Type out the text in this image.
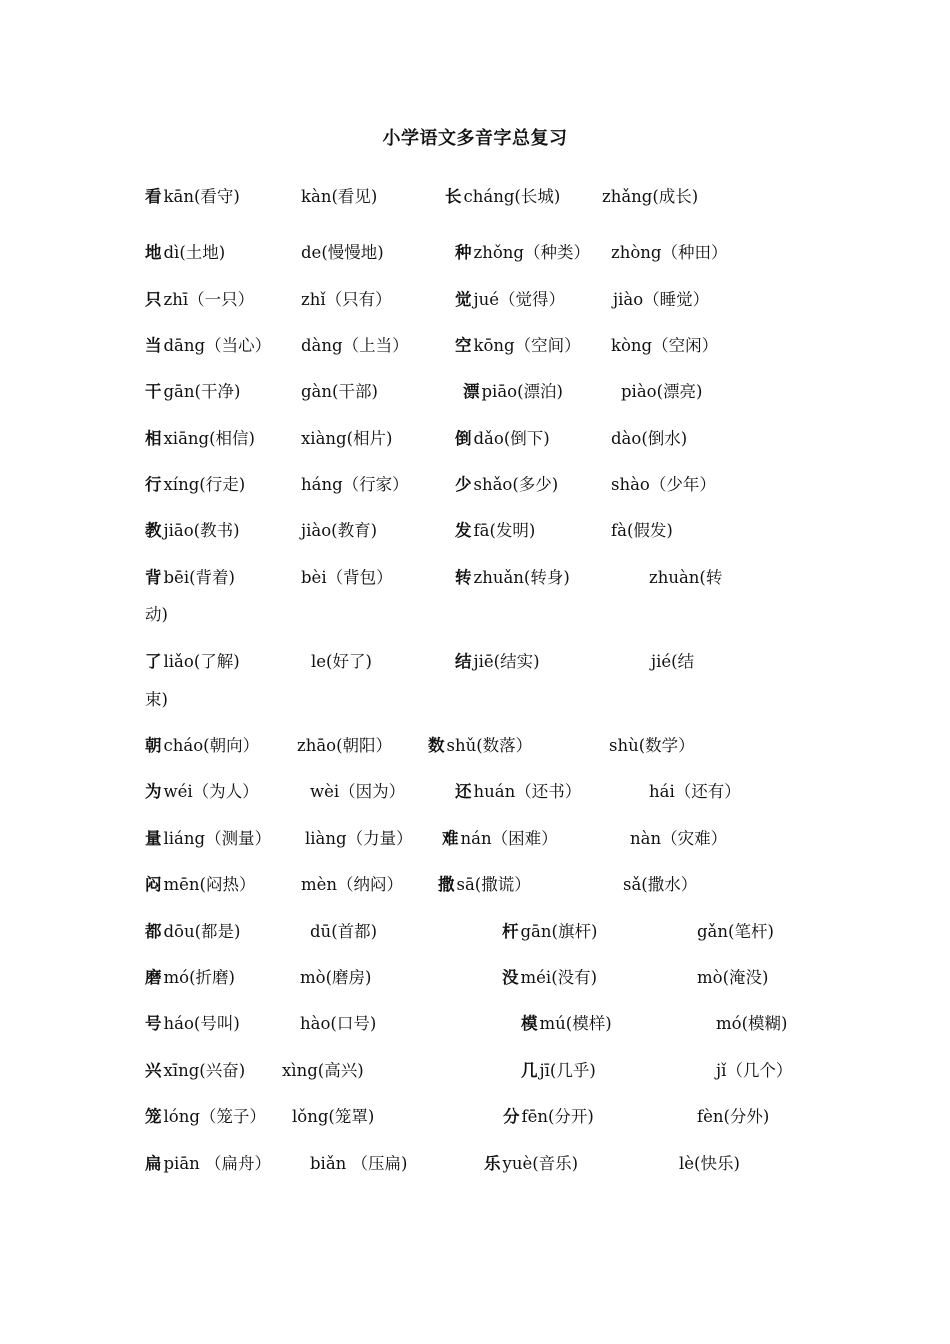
小学语文多音字总复习
看 kān(看守)	kàn(看见)	长 cháng(长城)	zhǎng(成长)
地 dì(土地)	de(慢慢地)	种 zhǒng（种类） zhòng（种田）
只 zhī（一只）	zhǐ（只有）	觉 jué（觉得）	jiào（睡觉）
当 dāng（当心） dàng（上当）	空 kōng（空间） kòng（空闲）
干 gān(干净)	gàn(干部)	漂 piāo(漂泊)	piào(漂亮)
相 xiāng(相信)	xiàng(相片)	倒 dǎo(倒下)	dào(倒水)
行 xíng(行走)	háng（行家）	少 shǎo(多少)	shào（少年）
教 jiāo(教书)	jiào(教育)	发 fā(发明)	fà(假发)
背 bēi(背着)	bèi（背包）	转 zhuǎn(转身)	zhuàn(转
动)
了 liǎo(了解)	le(好了)	结 jiē(结实)	jié(结
束)
朝 cháo(朝向） zhāo(朝阳） 数 shǔ(数落）	shù(数学）
为 wéi（为人）	wèi（因为）	还 huán（还书）	hái（还有）
量 liáng（测量） liàng（力量） 难 nán（困难）	nàn（灾难）
闷 mēn(闷热）	mèn（纳闷） 撒 sā(撒谎）	sǎ(撒水）
都 dōu(都是)	dū(首都)	杆 gān(旗杆)	gǎn(笔杆)
磨 mó(折磨)	mò(磨房)	没 méi(没有)	mò(淹没)
号 háo(号叫)	hào(口号)	模 mú(模样)	mó(模糊)
兴 xīng(兴奋) xìng(高兴)	几 jī(几乎)	jǐ（几个）
笼 lóng（笼子） lǒng(笼罩)	分 fēn(分开)	fèn(分外)
扁 piān （扁舟） biǎn （压扁)	乐 yuè(音乐)	lè(快乐)
